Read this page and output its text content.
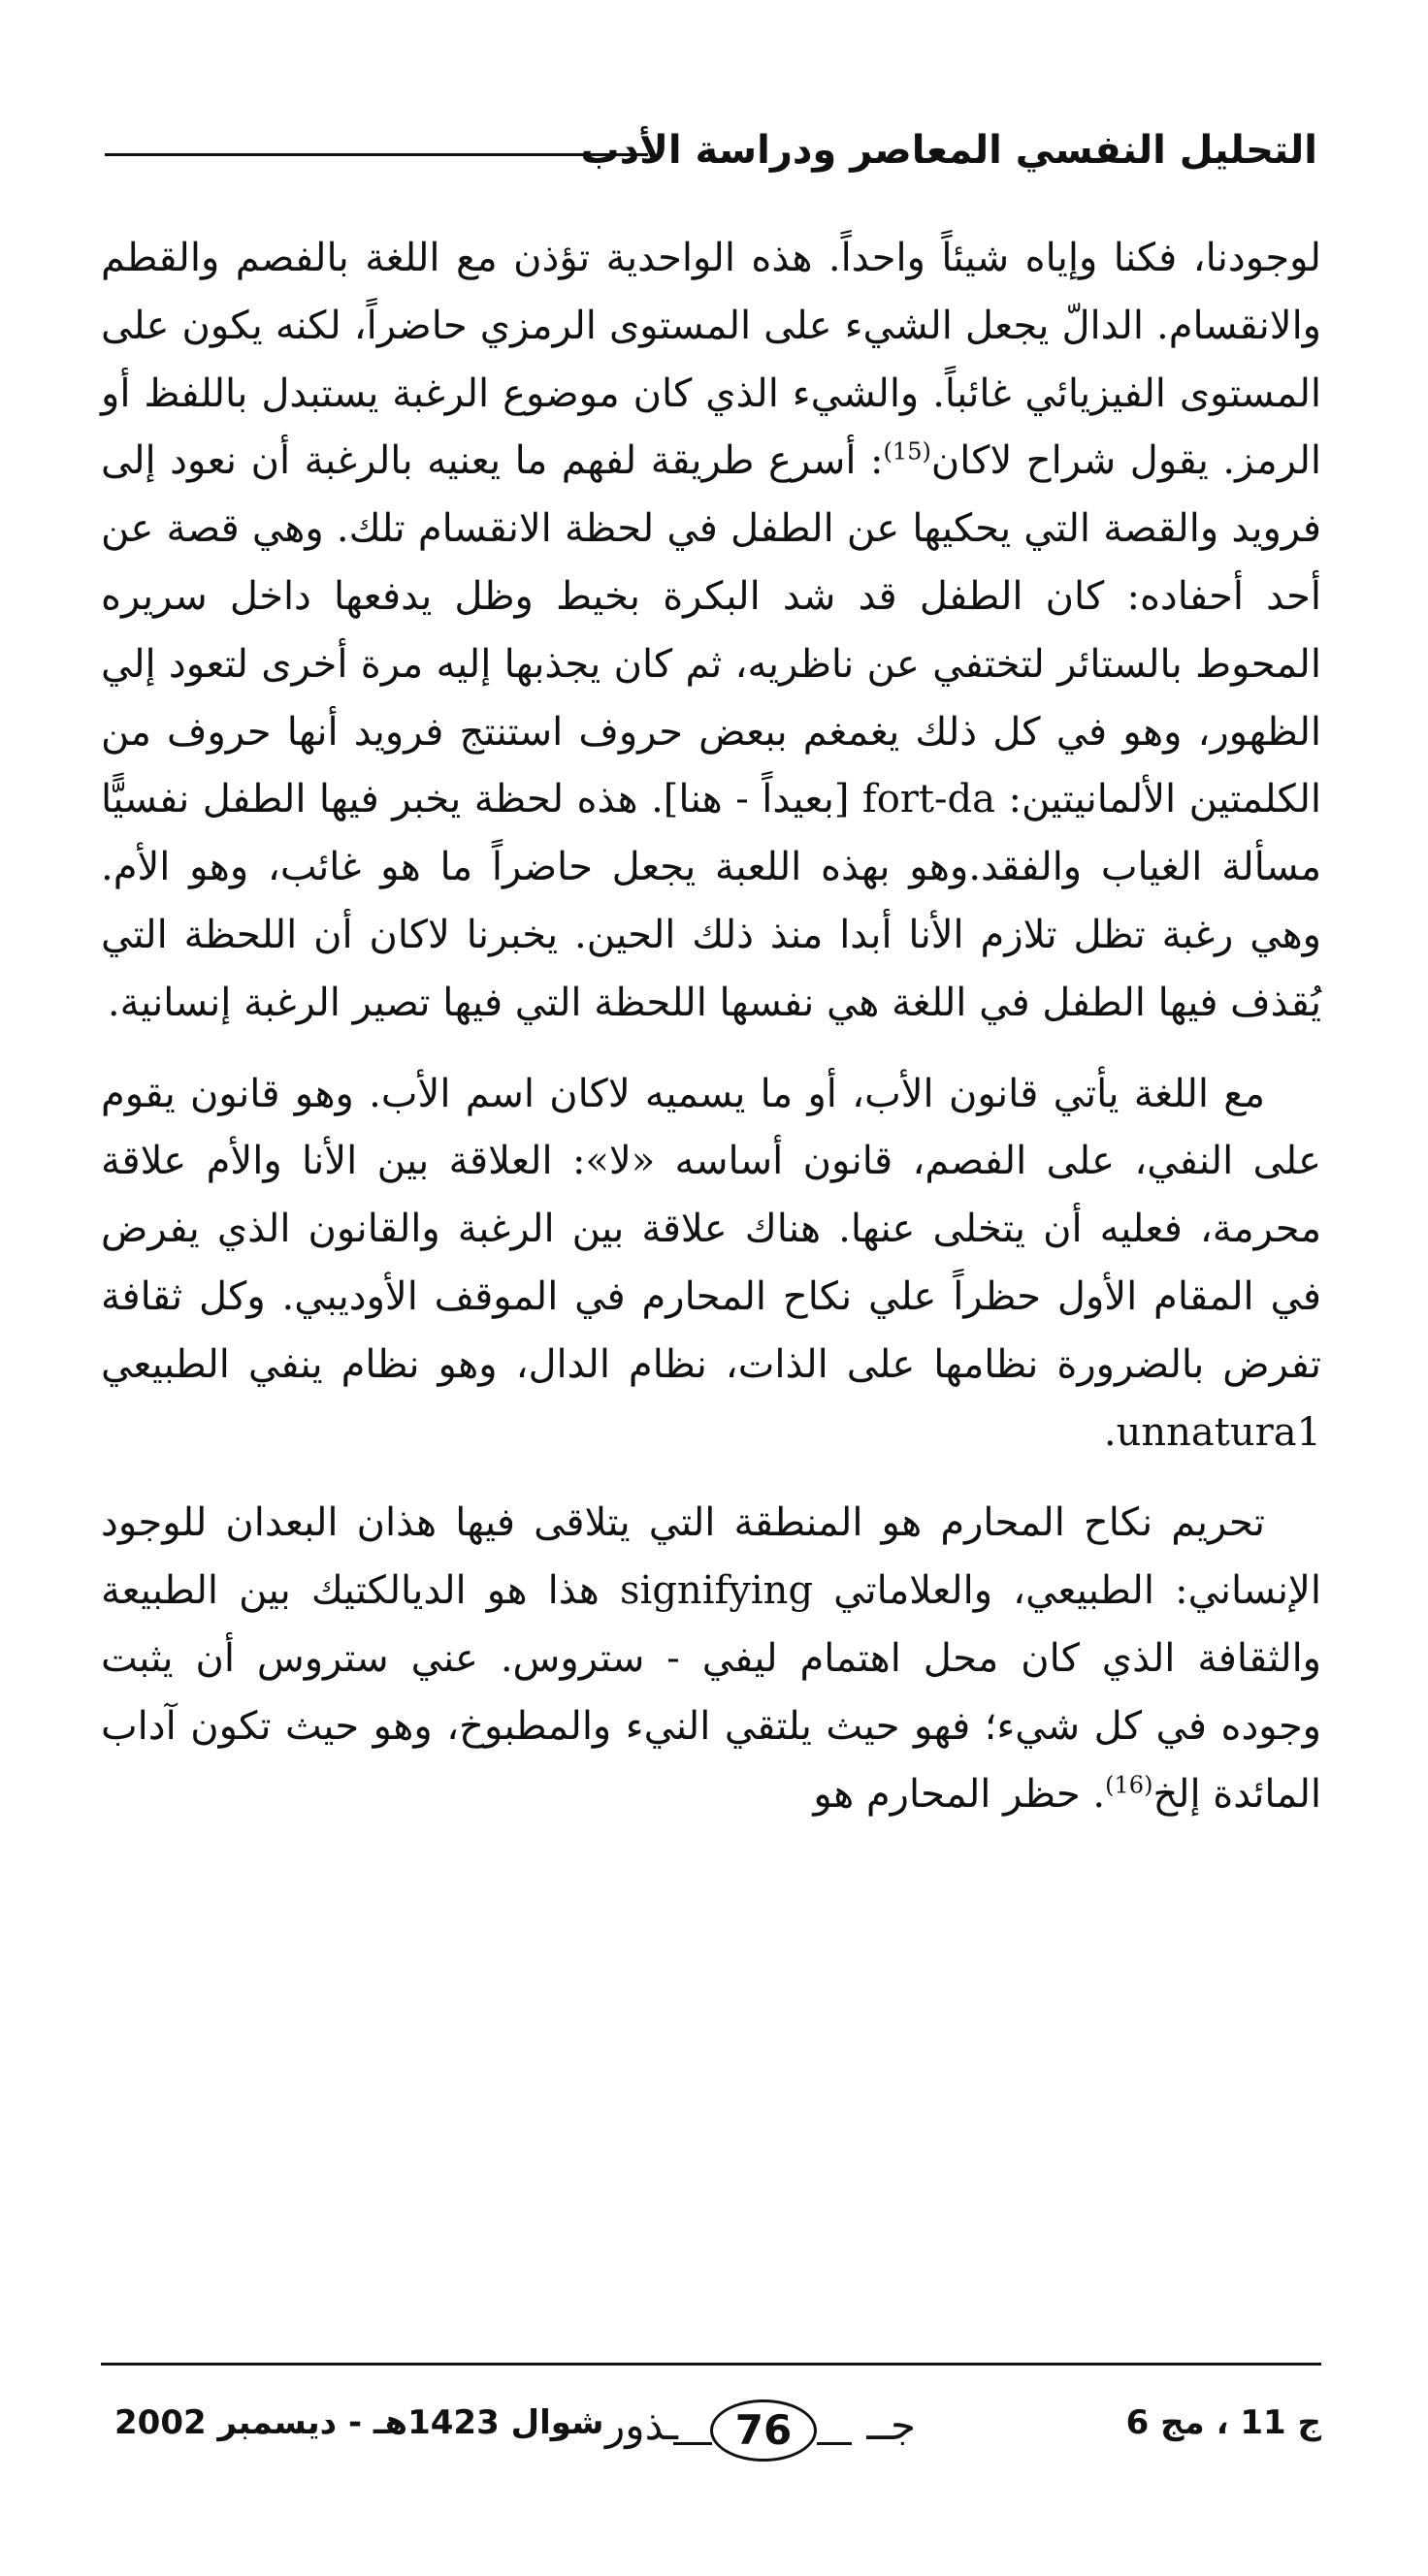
التحليل النفسي المعاصر ودراسة الأدب

لوجودنا، فكنا وإياه شيئاً واحداً. هذه الواحدية تؤذن مع اللغة بالفصم والقطم والانقسام. الدالّ يجعل الشيء على المستوى الرمزي حاضراً، لكنه يكون على المستوى الفيزيائي غائباً. والشيء الذي كان موضوع الرغبة يستبدل باللفظ أو الرمز. يقول شراح لاكان$^{(15)}$: أسرع طريقة لفهم ما يعنيه بالرغبة أن نعود إلى فرويد والقصة التي يحكيها عن الطفل في لحظة الانقسام تلك. وهي قصة عن أحد أحفاده: كان الطفل قد شد البكرة بخيط وظل يدفعها داخل سريره المحوط بالستائر لتختفي عن ناظريه، ثم كان يجذبها إليه مرة أخرى لتعود إلي الظهور، وهو في كل ذلك يغمغم ببعض حروف استنتج فرويد أنها حروف من الكلمتين الألمانيتين: fort-da [بعيداً - هنا]. هذه لحظة يخبر فيها الطفل نفسيًّا مسألة الغياب والفقد.وهو بهذه اللعبة يجعل حاضراً ما هو غائب، وهو الأم. وهي رغبة تظل تلازم الأنا أبدا منذ ذلك الحين. يخبرنا لاكان أن اللحظة التي يُقذف فيها الطفل في اللغة هي نفسها اللحظة التي فيها تصير الرغبة إنسانية.

مع اللغة يأتي قانون الأب، أو ما يسميه لاكان اسم الأب. وهو قانون يقوم على النفي، على الفصم، قانون أساسه «لا»: العلاقة بين الأنا والأم علاقة محرمة، فعليه أن يتخلى عنها. هناك علاقة بين الرغبة والقانون الذي يفرض في المقام الأول حظراً علي نكاح المحارم في الموقف الأوديبي. وكل ثقافة تفرض بالضرورة نظامها على الذات، نظام الدال، وهو نظام ينفي الطبيعي unnatura1.

تحريم نكاح المحارم هو المنطقة التي يتلاقى فيها هذان البعدان للوجود الإنساني: الطبيعي، والعلاماتي signifying هذا هو الديالكتيك بين الطبيعة والثقافة الذي كان محل اهتمام ليفي - ستروس. عني ستروس أن يثبت وجوده في كل شيء؛ فهو حيث يلتقي النيء والمطبوخ، وهو حيث تكون آداب المائدة إلخ$^{(16)}$. حظر المحارم هو

شوال 1423هـ - ديسمبر 2002 ـذور	76	جــ	ج 11 ، مج 6
